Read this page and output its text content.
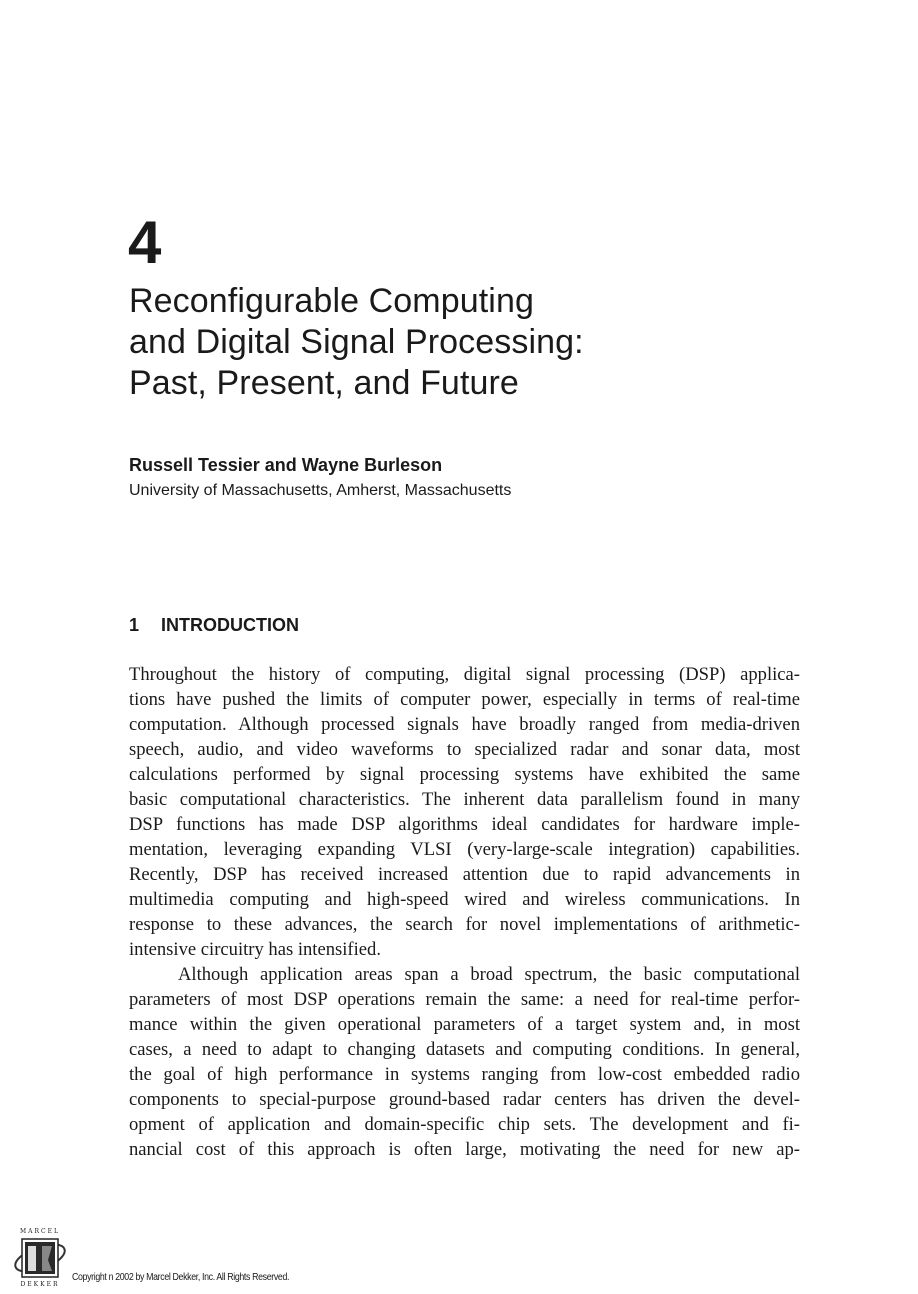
4
Reconfigurable Computing
and Digital Signal Processing:
Past, Present, and Future

Russell Tessier and Wayne Burleson

University of Massachusetts, Amherst, Massachusetts

1 INTRODUCTION
Throughout the history of computing, digital signal processing (DSP) applica-
tions have pushed the limits of computer power, especially in terms of real-time
computation. Although processed signals have broadly ranged from media-driven
speech, audio, and video waveforms to specialized radar and sonar data, most
calculations performed by signal processing systems have exhibited the same
basic computational characteristics. The inherent data parallelism found in many
DSP functions has made DSP algorithms ideal candidates for hardware imple-
mentation, leveraging expanding VLSI (very-large-scale integration) capabilities.
Recently, DSP has received increased attention due to rapid advancements in
multimedia computing and high-speed wired and wireless communications. In
response to these advances, the search for novel implementations of arithmetic-
intensive circuitry has intensified.
Although application areas span a broad spectrum, the basic computational
parameters of most DSP operations remain the same: a need for real-time perfor-
mance within the given operational parameters of a target system and, in most
cases, a need to adapt to changing datasets and computing conditions. In general,
the goal of high performance in systems ranging from low-cost embedded radio
components to special-purpose ground-based radar centers has driven the devel-
opment of application and domain-specific chip sets. The development and fi-
nancial cost of this approach is often large, motivating the need for new ap-
MARCEL
DEKKER

Copyright n 2002 by Marcel Dekker, Inc. All Rights Reserved.
